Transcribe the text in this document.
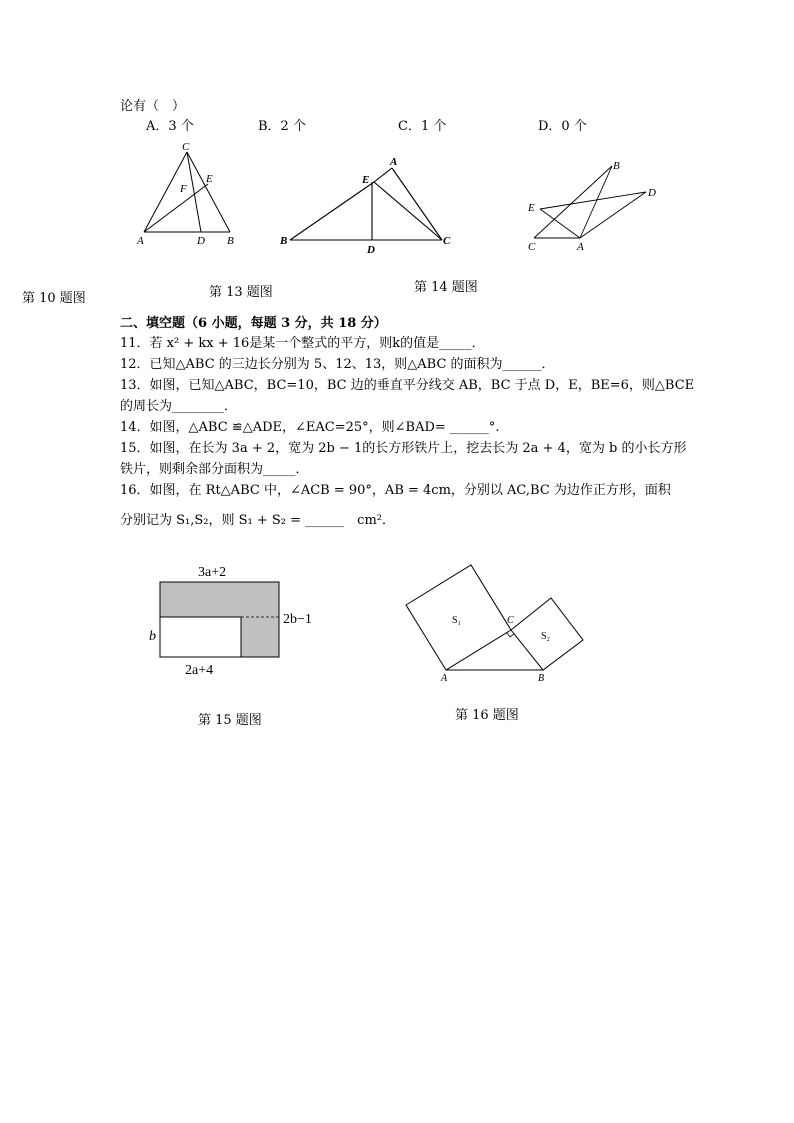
论有（　）
A．3 个	B．2 个	C．1 个	D．0 个
C
F
E
A	D B
A
E
B
D
C
B
D
E
C	A
第 10 题图	第 13 题图	第 14 题图
二、填空题（6 小题，每题 3 分，共 18 分）
11．若 x² + kx + 16是某一个整式的平方，则k的值是_____．
12．已知△ABC 的三边长分别为 5、12、13，则△ABC 的面积为______．
13．如图，已知△ABC，BC=10，BC 边的垂直平分线交 AB，BC 于点 D，E，BE=6，则△BCE
的周长为________．
14．如图，△ABC ≌△ADE，∠EAC=25°，则∠BAD= ______°.
15．如图，在长为 3a + 2，宽为 2b − 1的长方形铁片上，挖去长为 2a + 4，宽为 b 的小长方形
铁片，则剩余部分面积为_____．
16．如图，在 Rt△ABC 中，∠ACB = 90°，AB = 4cm，分别以 AC,BC 为边作正方形，面积
分别记为 S₁,S₂，则 S₁ + S₂ = ______　cm²．
3a+2
2b−1
b
2a+4
S₁	C
S₂
A	B
第 15 题图	第 16 题图
